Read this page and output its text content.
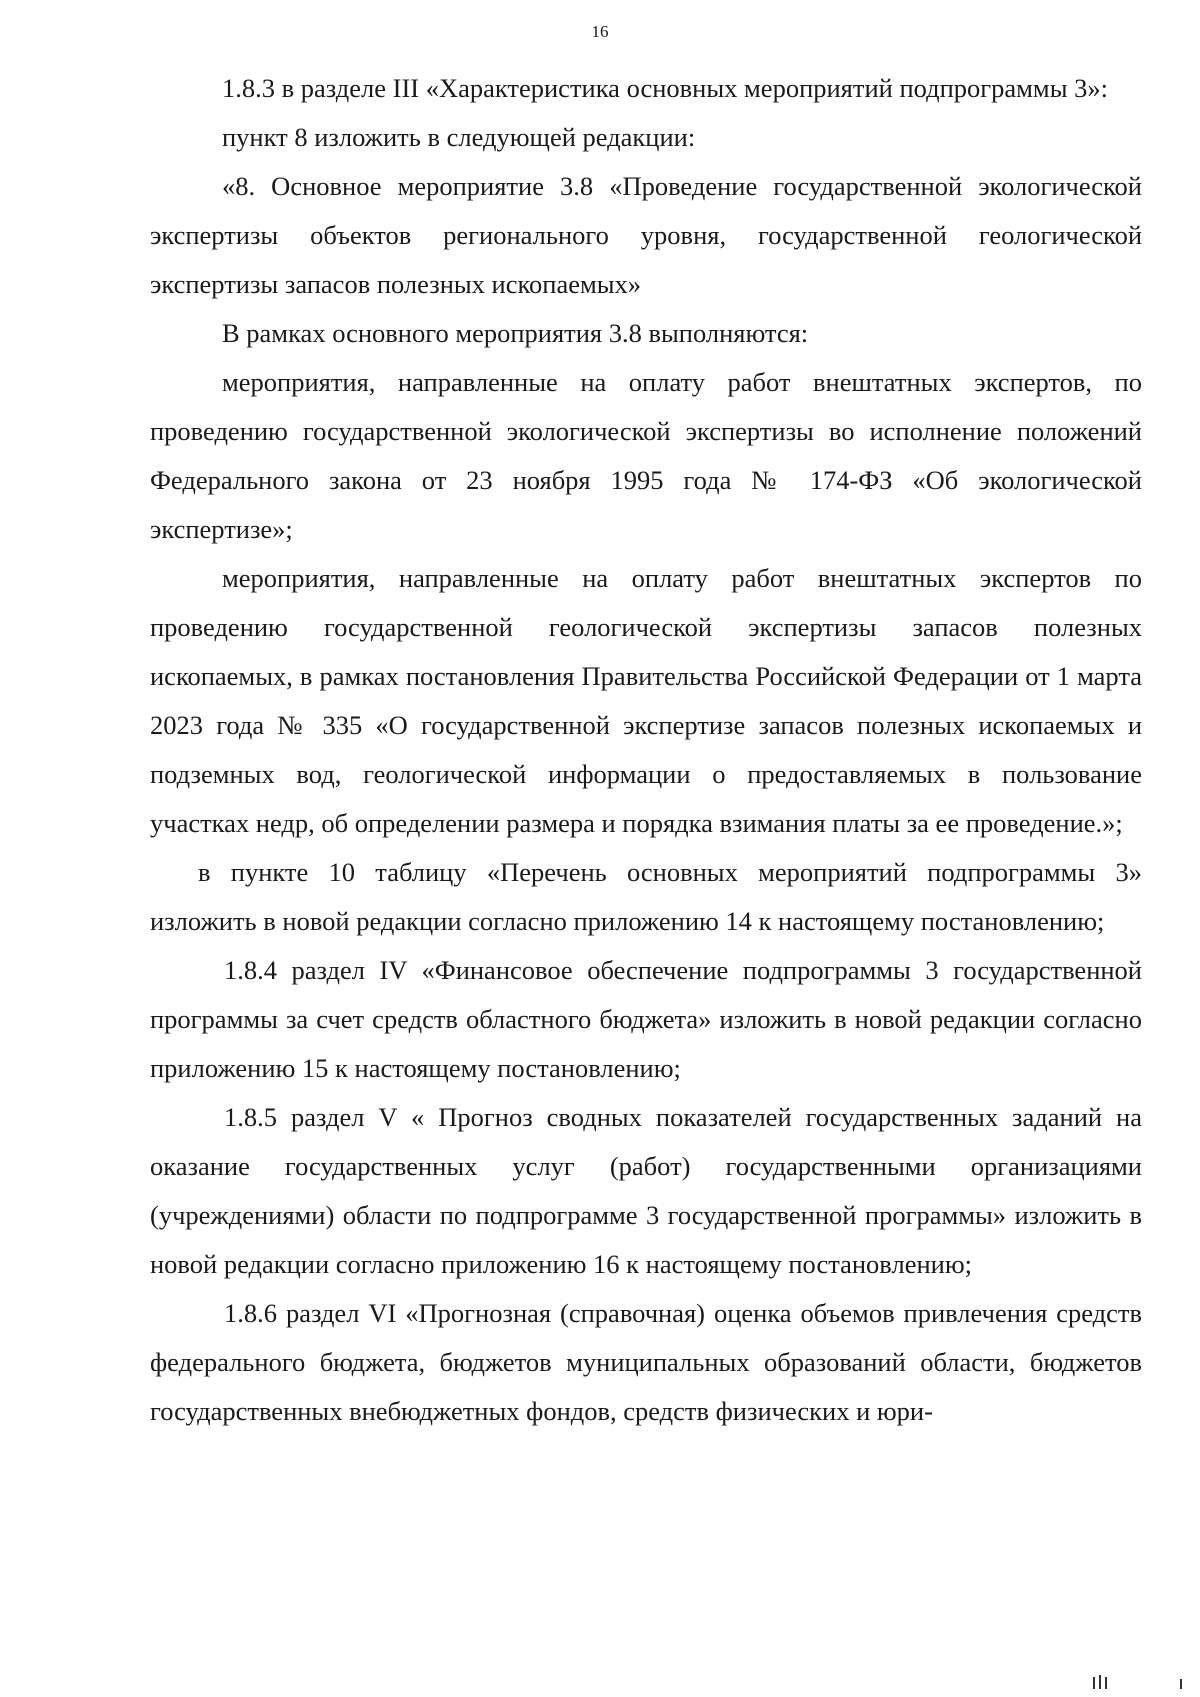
16

1.8.3 в разделе III «Характеристика основных мероприятий подпрограммы 3»:

пункт 8 изложить в следующей редакции:

«8. Основное мероприятие 3.8 «Проведение государственной экологической экспертизы объектов регионального уровня, государственной геологической экспертизы запасов полезных ископаемых»

В рамках основного мероприятия 3.8 выполняются:

мероприятия, направленные на оплату работ внештатных экспертов, по проведению государственной экологической экспертизы во исполнение положений Федерального закона от 23 ноября 1995 года № 174-ФЗ «Об экологической экспертизе»;

мероприятия, направленные на оплату работ внештатных экспертов по проведению государственной геологической экспертизы запасов полезных ископаемых, в рамках постановления Правительства Российской Федерации от 1 марта 2023 года № 335 «О государственной экспертизе запасов полезных ископаемых и подземных вод, геологической информации о предоставляемых в пользование участках недр, об определении размера и порядка взимания платы за ее проведение.»;

в пункте 10 таблицу «Перечень основных мероприятий подпрограммы 3» изложить в новой редакции согласно приложению 14 к настоящему постановлению;

1.8.4 раздел IV «Финансовое обеспечение подпрограммы 3 государственной программы за счет средств областного бюджета» изложить в новой редакции согласно приложению 15 к настоящему постановлению;

1.8.5 раздел V « Прогноз сводных показателей государственных заданий на оказание государственных услуг (работ) государственными организациями (учреждениями) области по подпрограмме 3 государственной программы» изложить в новой редакции согласно приложению 16 к настоящему постановлению;

1.8.6 раздел VI «Прогнозная (справочная) оценка объемов привлечения средств федерального бюджета, бюджетов муниципальных образований области, бюджетов государственных внебюджетных фондов, средств физических и юри-
